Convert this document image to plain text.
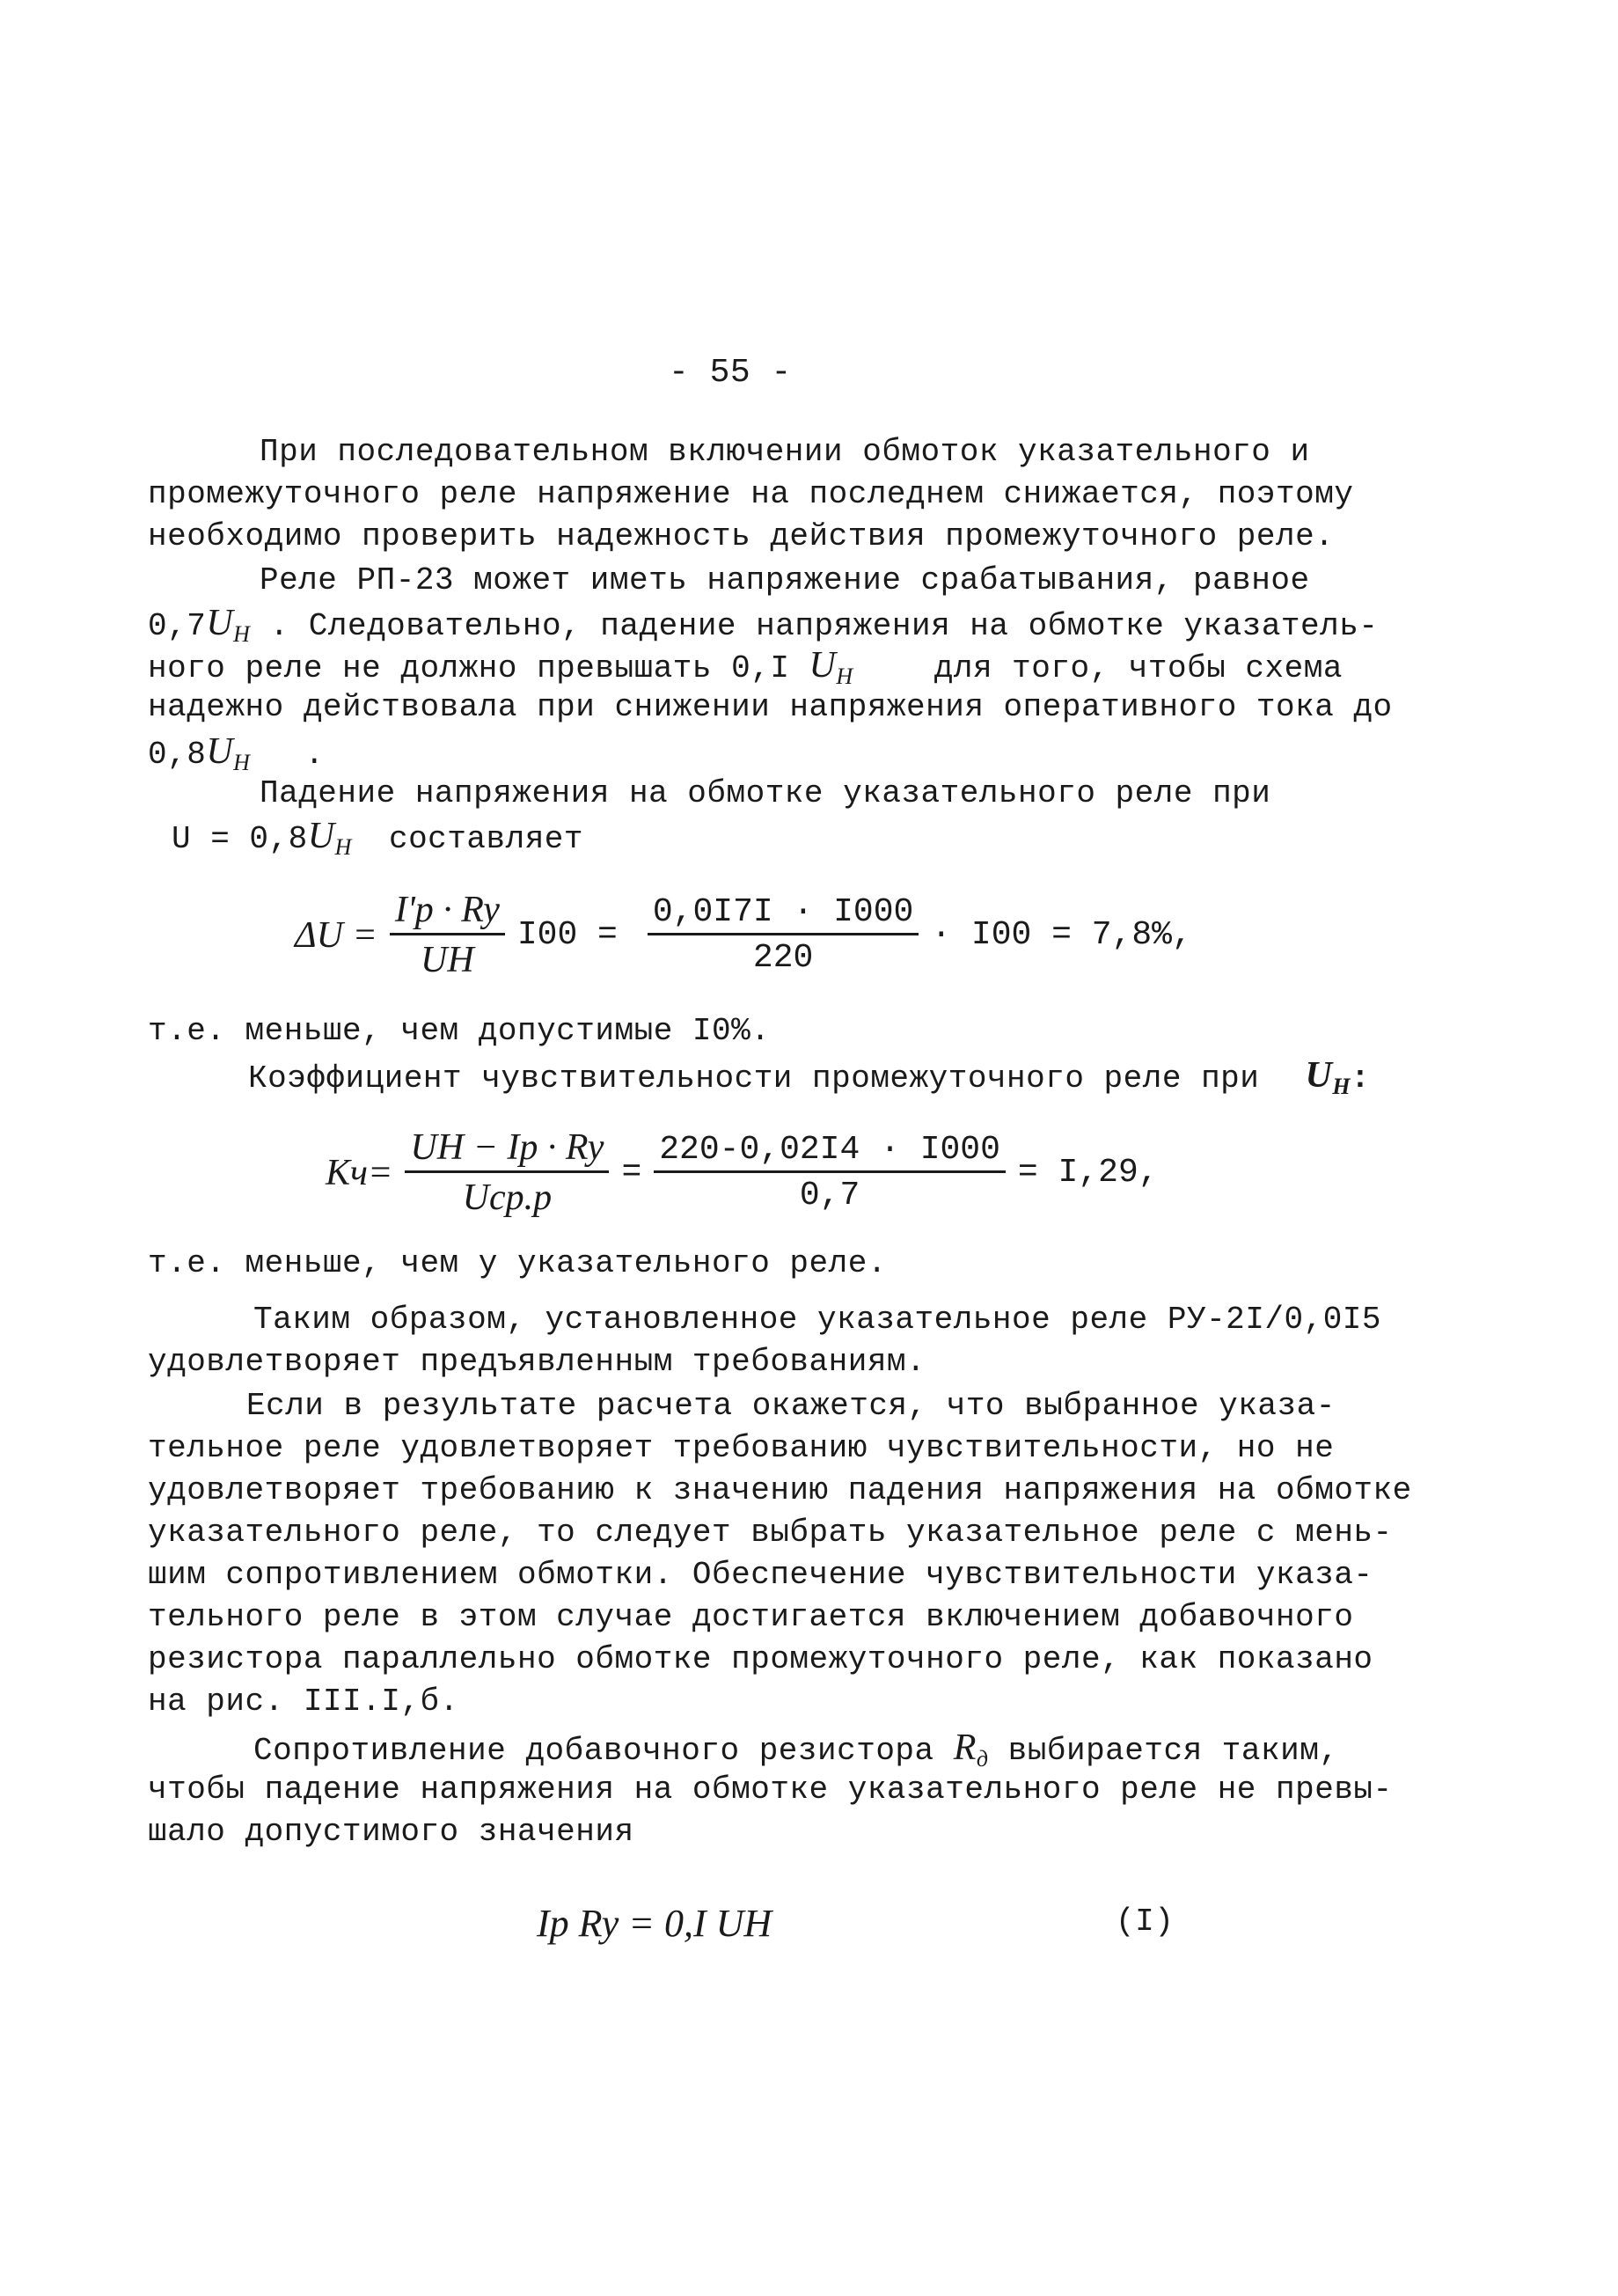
- 55 -
При последовательном включении обмоток указательного и
промежуточного реле напряжение на последнем снижается, поэтому
необходимо проверить надежность действия промежуточного реле.
Реле РП-23 может иметь напряжение срабатывания, равное
$0,7U_H$ . Следовательно, падение напряжения на обмотке указатель-
ного реле не должно превышать 0,I $U_H$	для того, чтобы схема
надежно действовала при снижении напряжения оперативного тока до
$0,8U_H$ .
Падение напряжения на обмотке указательного реле при
$U = 0,8U_H$ составляет
$\Delta U = \frac{I'p \cdot Ry}{UH} I00 = \frac{0,0I7I \cdot I000}{220} \cdot I00 = 7,8\%$,
т.е. меньше, чем допустимые I0%.
Коэффициент чувствительности промежуточного реле при $U_H$:
$Kч= \frac{UH - Ip \cdot Ry}{\text{Uср.р}} = \frac{220-0,02I4 \cdot I000}{0,7} = I,29$,
т.е. меньше, чем у указательного реле.
Таким образом, установленное указательное реле РУ-2I/0,0I5
удовлетворяет предъявленным требованиям.
Если в результате расчета окажется, что выбранное указа-
тельное реле удовлетворяет требованию чувствительности, но не
удовлетворяет требованию к значению падения напряжения на обмотке
указательного реле, то следует выбрать указательное реле с мень-
шим сопротивлением обмотки. Обеспечение чувствительности указа-
тельного реле в этом случае достигается включением добавочного
резистора параллельно обмотке промежуточного реле, как показано
на рис. III.I,б.
Сопротивление добавочного резистора $R_д$ выбирается таким,
чтобы падение напряжения на обмотке указательного реле не превы-
шало допустимого значения
Ip Ry = 0,I UH	(I)
